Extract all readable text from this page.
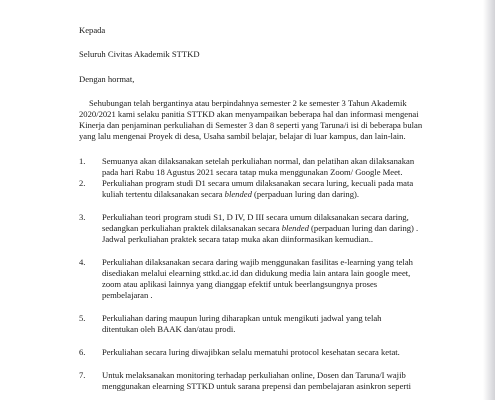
Kepada
Seluruh Civitas Akademik STTKD
Dengan hormat,
Sehubungan telah bergantinya atau berpindahnya semester 2 ke semester 3 Tahun Akademik
2020/2021 kami selaku panitia STTKD akan menyampaikan beberapa hal dan informasi mengenai
Kinerja dan penjaminan perkuliahan di Semester 3 dan 8 seperti yang Taruna/i isi di beberapa bulan
yang lalu mengenai Proyek di desa, Usaha sambil belajar, belajar di luar kampus, dan lain-lain.
1. Semuanya akan dilaksanakan setelah perkuliahan normal, dan pelatihan akan dilaksanakan
pada hari Rabu 18 Agustus 2021 secara tatap muka menggunakan Zoom/ Google Meet.
2. Perkuliahan program studi D1 secara umum dilaksanakan secara luring, kecuali pada mata
kuliah tertentu dilaksanakan secara blended (perpaduan luring dan daring).
3. Perkuliahan teori program studi S1, D IV, D III secara umum dilaksanakan secara daring,
sedangkan perkuliahan praktek dilaksanakan secara blended (perpaduan luring dan daring) .
Jadwal perkuliahan praktek secara tatap muka akan diinformasikan kemudian..
4. Perkuliahan dilaksanakan secara daring wajib menggunakan fasilitas e-learning yang telah
disediakan melalui elearning sttkd.ac.id dan didukung media lain antara lain google meet,
zoom atau aplikasi lainnya yang dianggap efektif untuk beerlangsungnya proses
pembelajaran .
5. Perkuliahan daring maupun luring diharapkan untuk mengikuti jadwal yang telah
ditentukan oleh BAAK dan/atau prodi.
6. Perkuliahan secara luring diwajibkan selalu mematuhi protocol kesehatan secara ketat.
7. Untuk melaksanakan monitoring terhadap perkuliahan online, Dosen dan Taruna/I wajib
menggunakan elearning STTKD untuk sarana prepensi dan pembelajaran asinkron seperti
